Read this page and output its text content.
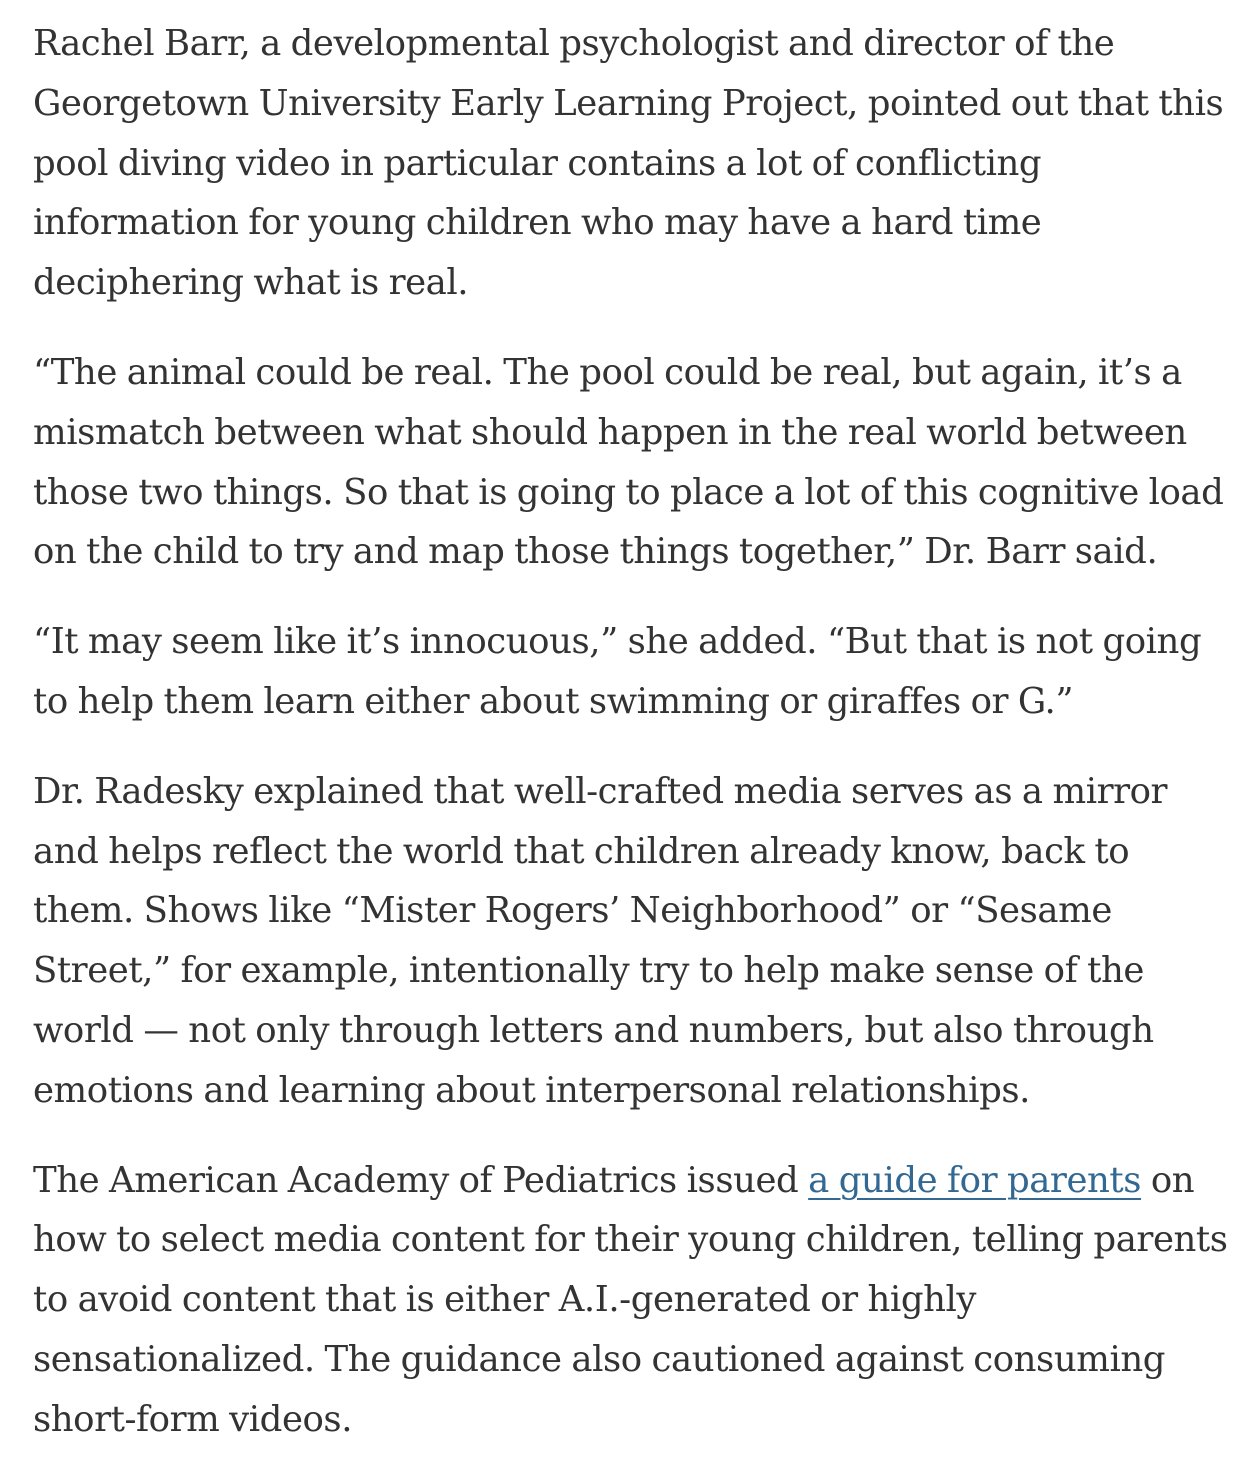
Rachel Barr, a developmental psychologist and director of the Georgetown University Early Learning Project, pointed out that this pool diving video in particular contains a lot of conflicting information for young children who may have a hard time deciphering what is real.

“The animal could be real. The pool could be real, but again, it’s a mismatch between what should happen in the real world between those two things. So that is going to place a lot of this cognitive load on the child to try and map those things together,” Dr. Barr said.

“It may seem like it’s innocuous,” she added. “But that is not going to help them learn either about swimming or giraffes or G.”

Dr. Radesky explained that well-crafted media serves as a mirror and helps reflect the world that children already know, back to them. Shows like “Mister Rogers’ Neighborhood” or “Sesame Street,” for example, intentionally try to help make sense of the world — not only through letters and numbers, but also through emotions and learning about interpersonal relationships.

The American Academy of Pediatrics issued a guide for parents on how to select media content for their young children, telling parents to avoid content that is either A.I.-generated or highly sensationalized. The guidance also cautioned against consuming short-form videos.
